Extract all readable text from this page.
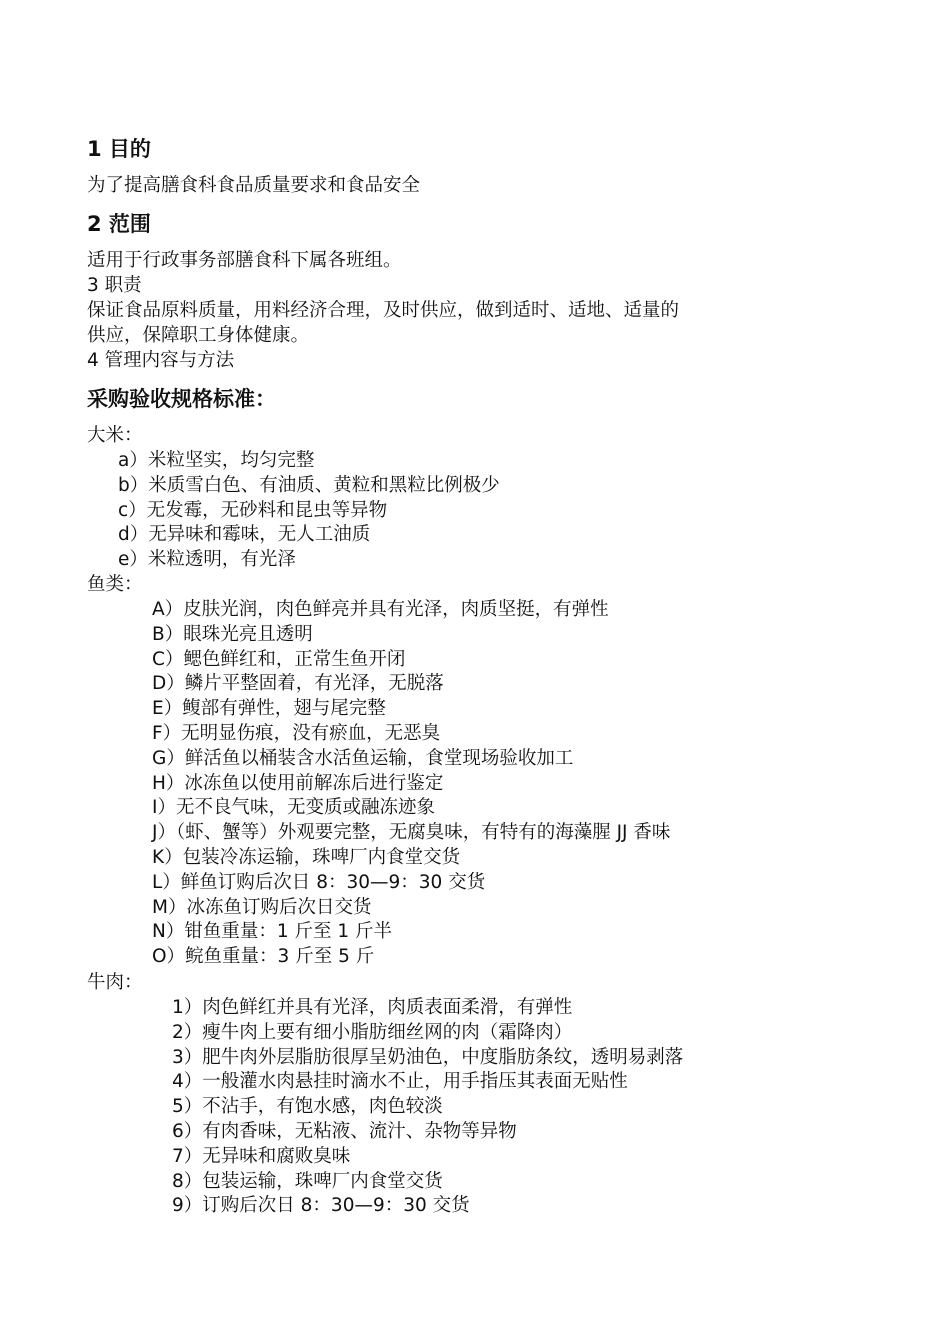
1 目的

为了提高膳食科食品质量要求和食品安全

2 范围

适用于行政事务部膳食科下属各班组。

3 职责

保证食品原料质量，用料经济合理，及时供应，做到适时、适地、适量的

供应，保障职工身体健康。

4 管理内容与方法

采购验收规格标准：

大米：

a）米粒坚实，均匀完整
b）米质雪白色、有油质、黄粒和黑粒比例极少
c）无发霉，无砂料和昆虫等异物
d）无异味和霉味，无人工油质
e）米粒透明，有光泽

鱼类：

A）皮肤光润，肉色鲜亮并具有光泽，肉质坚挺，有弹性
B）眼珠光亮且透明
C）鳃色鲜红和，正常生鱼开闭
D）鳞片平整固着，有光泽，无脱落
E）鳆部有弹性，翅与尾完整
F）无明显伤痕，没有瘀血，无恶臭
G）鲜活鱼以桶装含水活鱼运输，食堂现场验收加工
H）冰冻鱼以使用前解冻后进行鉴定
I）无不良气味，无变质或融冻迹象
J）（虾、蟹等）外观要完整，无腐臭味，有特有的海藻腥 JJ 香味
K）包装冷冻运输，珠啤厂内食堂交货
L）鲜鱼订购后次日 8：30—9：30 交货
M）冰冻鱼订购后次日交货
N）钳鱼重量：1 斤至 1 斤半
O）鲩鱼重量：3 斤至 5 斤

牛肉：

1）肉色鲜红并具有光泽，肉质表面柔滑，有弹性
2）瘦牛肉上要有细小脂肪细丝网的肉（霜降肉）
3）肥牛肉外层脂肪很厚呈奶油色，中度脂肪条纹，透明易剥落
4）一般灌水肉悬挂时滴水不止，用手指压其表面无贴性
5）不沾手，有饱水感，肉色较淡
6）有肉香味，无粘液、流汁、杂物等异物
7）无异味和腐败臭味
8）包装运输，珠啤厂内食堂交货
9）订购后次日 8：30—9：30 交货
